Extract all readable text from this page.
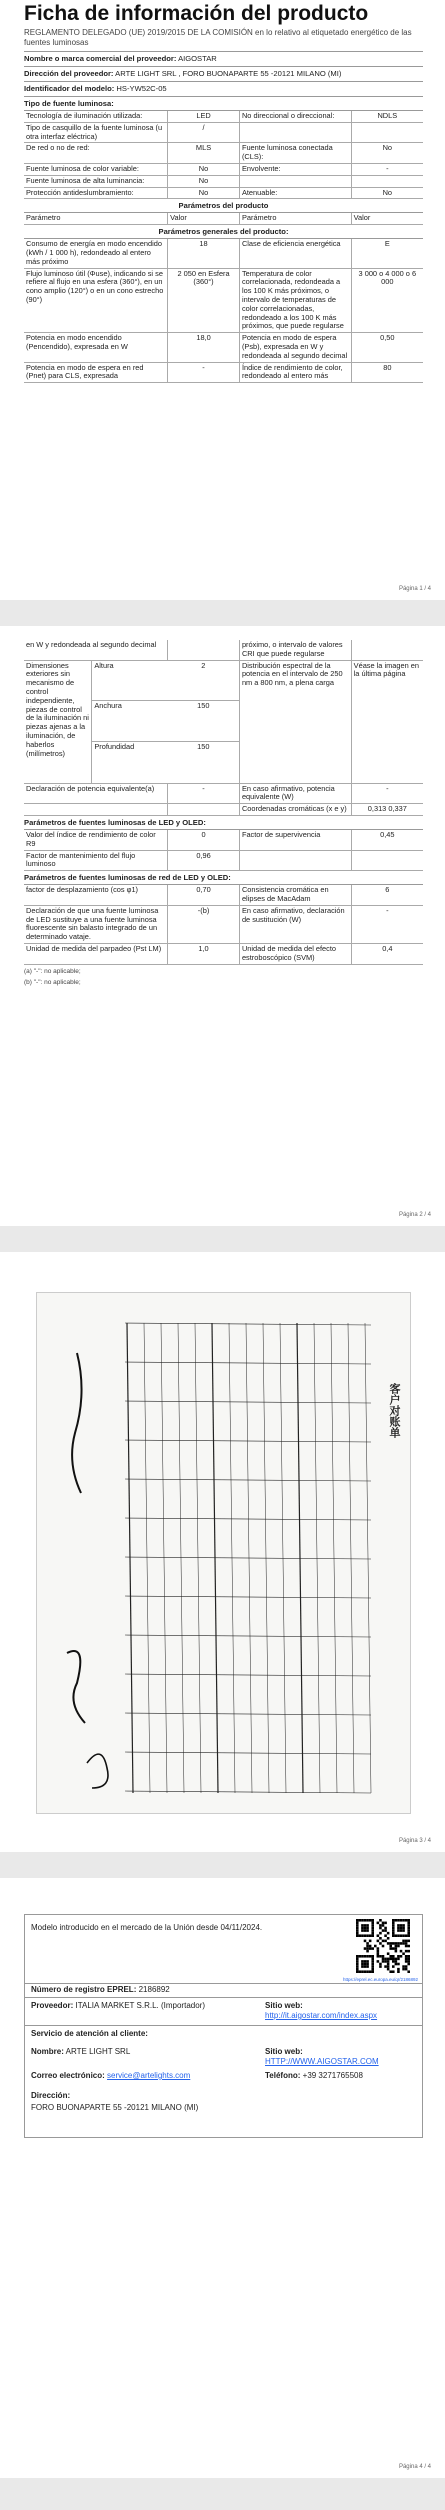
Ficha de información del producto
REGLAMENTO DELEGADO (UE) 2019/2015 DE LA COMISIÓN en lo relativo al etiquetado energético de las fuentes luminosas
Nombre o marca comercial del proveedor: AIGOSTAR
Dirección del proveedor: ARTE LIGHT SRL , FORO BUONAPARTE 55 -20121 MILANO (MI)
Identificador del modelo: HS-YW52C-05
Tipo de fuente luminosa:
Tecnología de iluminación utilizada:	LED	No direccional o direccional:	NDLS
Tipo de casquillo de la fuente luminosa (u otra interfaz eléctrica)	/		
De red o no de red:	MLS	Fuente luminosa conectada (CLS):	No
Fuente luminosa de color variable:	No	Envolvente:	-
Fuente luminosa de alta luminancia:	No		
Protección antideslumbramiento:	No	Atenuable:	No
Parámetros del producto
Parámetro	Valor	Parámetro	Valor
Parámetros generales del producto:
Consumo de energía en modo encendido (kWh / 1 000 h), redondeado al entero más próximo	18	Clase de eficiencia energética	E
Flujo luminoso útil (Φuse), indicando si se refiere al flujo en una esfera (360°), en un cono amplio (120°) o en un cono estrecho (90°)	2 050 en Esfera (360°)	Temperatura de color correlacionada, redondeada a los 100 K más próximos, o intervalo de temperaturas de color correlacionadas, redondeado a los 100 K más próximos, que puede regularse	3 000 o 4 000 o 6 000
Potencia en modo encendido (Pencendido), expresada en W	18,0	Potencia en modo de espera (Psb), expresada en W y redondeada al segundo decimal	0,50
Potencia en modo de espera en red (Pnet) para CLS, expresada	-	Índice de rendimiento de color, redondeado al entero más	80
Página 1 / 4
en W y redondeada al segundo decimal		próximo, o intervalo de valores CRI que puede regularse	
Dimensiones exteriores sin mecanismo de control independiente, piezas de control de la iluminación ni piezas ajenas a la iluminación, de haberlos (milímetros)	Altura	2	Distribución espectral de la potencia en el intervalo de 250 nm a 800 nm, a plena carga	Véase la imagen en la última página
	Anchura	150		
	Profundidad	150		
Declaración de potencia equivalente(a)	-	En caso afirmativo, potencia equivalente (W)	-
		Coordenadas cromáticas (x e y)	0,313 0,337
Parámetros de fuentes luminosas de LED y OLED:
Valor del índice de rendimiento de color R9	0	Factor de supervivencia	0,45
Factor de mantenimiento del flujo luminoso	0,96		
Parámetros de fuentes luminosas de red de LED y OLED:
factor de desplazamiento (cos φ1)	0,70	Consistencia cromática en elipses de MacAdam	6
Declaración de que una fuente luminosa de LED sustituye a una fuente luminosa fluorescente sin balasto integrado de un determinado vataje.	-(b)	En caso afirmativo, declaración de sustitución (W)	-
Unidad de medida del parpadeo (Pst LM)	1,0	Unidad de medida del efecto estroboscópico (SVM)	0,4
(a) "-": no aplicable;
(b) "-": no aplicable;
Página 2 / 4
客户对账单
Página 3 / 4
Modelo introducido en el mercado de la Unión desde 04/11/2024.
https://eprel.ec.europa.eu/qr/2186892
Número de registro EPREL: 2186892
Proveedor: ITALIA MARKET S.R.L. (Importador)	Sitio web: http://it.aigostar.com/index.aspx
Servicio de atención al cliente:
Nombre: ARTE LIGHT SRL	Sitio web: HTTP://WWW.AIGOSTAR.COM
Correo electrónico: service@artelights.com	Teléfono: +39 3271765508
Dirección:
FORO BUONAPARTE 55 -20121 MILANO (MI)
Página 4 / 4
